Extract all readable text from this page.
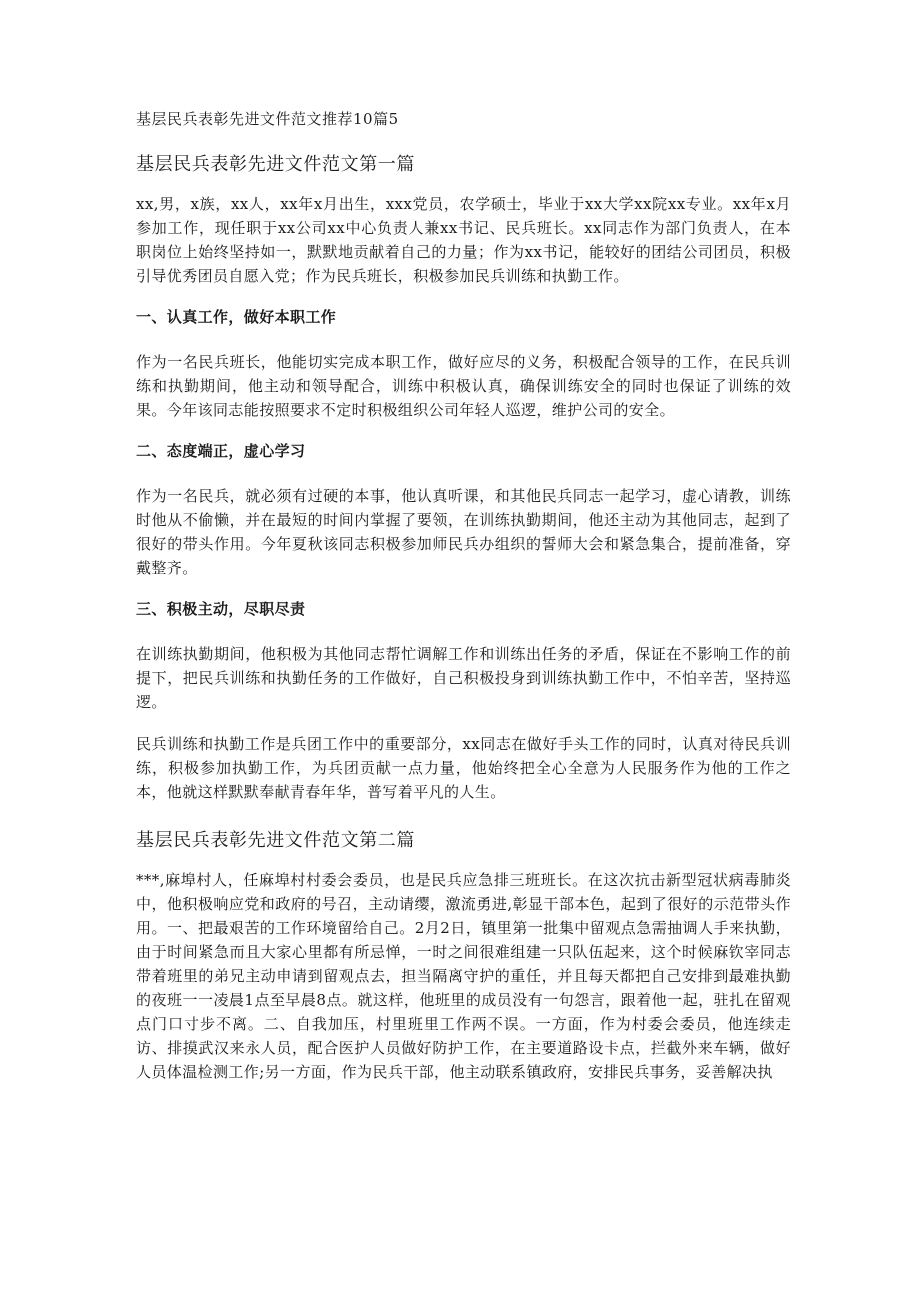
基层民兵表彰先进文件范文推荐10篇5
基层民兵表彰先进文件范文第一篇

xx,男，x族，xx人，xx年x月出生，xxx党员，农学硕士，毕业于xx大学xx院xx专业。xx年x月参加工作，现任职于xx公司xx中心负责人兼xx书记、民兵班长。xx同志作为部门负责人，在本职岗位上始终坚持如一，默默地贡献着自己的力量；作为xx书记，能较好的团结公司团员，积极引导优秀团员自愿入党；作为民兵班长，积极参加民兵训练和执勤工作。

一、认真工作，做好本职工作

作为一名民兵班长，他能切实完成本职工作，做好应尽的义务，积极配合领导的工作，在民兵训练和执勤期间，他主动和领导配合，训练中积极认真，确保训练安全的同时也保证了训练的效果。今年该同志能按照要求不定时积极组织公司年轻人巡逻，维护公司的安全。

二、态度端正，虚心学习

作为一名民兵，就必须有过硬的本事，他认真听课，和其他民兵同志一起学习，虚心请教，训练时他从不偷懒，并在最短的时间内掌握了要领，在训练执勤期间，他还主动为其他同志，起到了很好的带头作用。今年夏秋该同志积极参加师民兵办组织的誓师大会和紧急集合，提前准备，穿戴整齐。

三、积极主动，尽职尽责

在训练执勤期间，他积极为其他同志帮忙调解工作和训练出任务的矛盾，保证在不影响工作的前提下，把民兵训练和执勤任务的工作做好，自己积极投身到训练执勤工作中，不怕辛苦，坚持巡逻。

民兵训练和执勤工作是兵团工作中的重要部分，xx同志在做好手头工作的同时，认真对待民兵训练，积极参加执勤工作，为兵团贡献一点力量，他始终把全心全意为人民服务作为他的工作之本，他就这样默默奉献青春年华，普写着平凡的人生。

基层民兵表彰先进文件范文第二篇

***,麻埠村人，任麻埠村村委会委员，也是民兵应急排三班班长。在这次抗击新型冠状病毒肺炎中，他积极响应党和政府的号召，主动请缨，激流勇进,彰显干部本色，起到了很好的示范带头作用。一、把最艰苦的工作环境留给自己。2月2日，镇里第一批集中留观点急需抽调人手来执勤，由于时间紧急而且大家心里都有所忌惮，一时之间很难组建一只队伍起来，这个时候麻钦宰同志带着班里的弟兄主动申请到留观点去，担当隔离守护的重任，并且每天都把自己安排到最难执勤的夜班一一凌晨1点至早晨8点。就这样，他班里的成员没有一句怨言，跟着他一起，驻扎在留观点门口寸步不离。二、自我加压，村里班里工作两不误。一方面，作为村委会委员，他连续走访、排摸武汉来永人员，配合医护人员做好防护工作，在主要道路设卡点，拦截外来车辆，做好人员体温检测工作;另一方面，作为民兵干部，他主动联系镇政府，安排民兵事务，妥善解决执
